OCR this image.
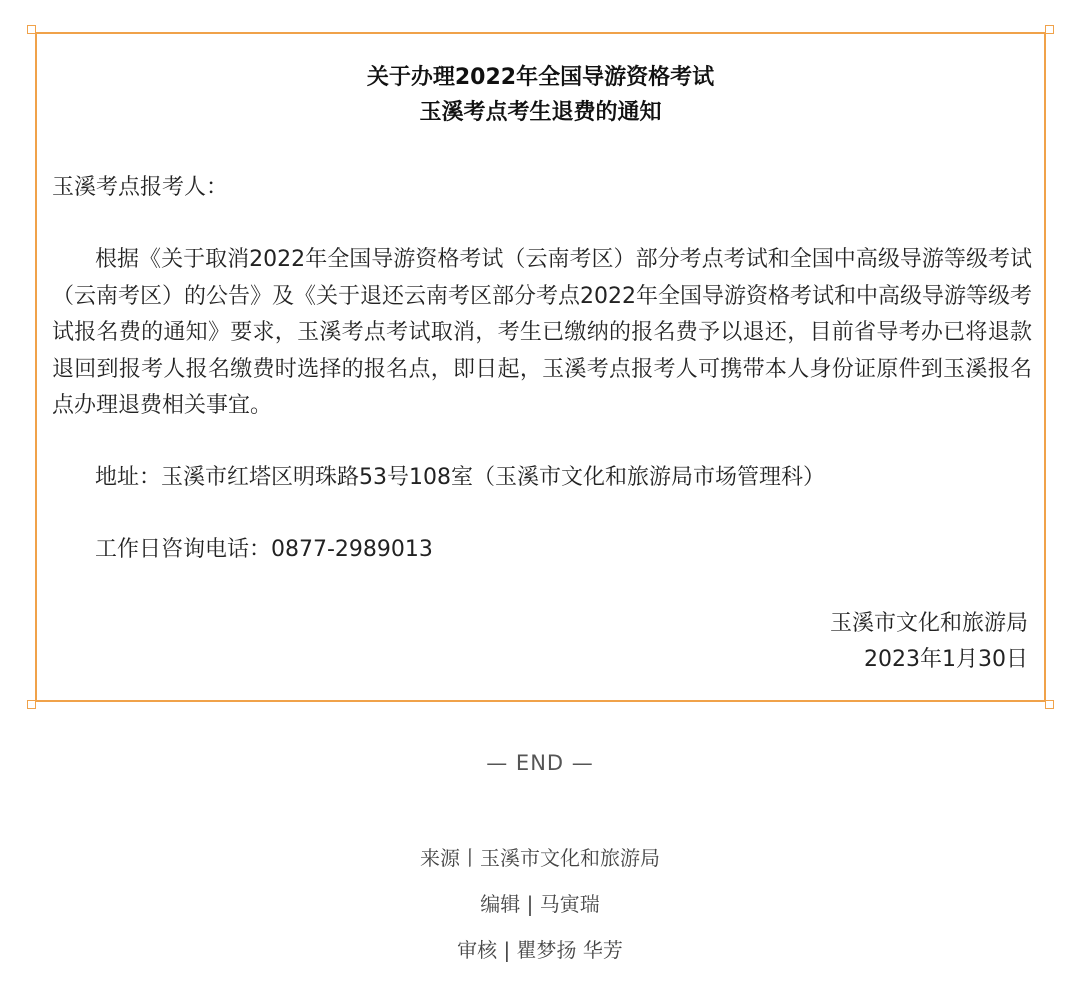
关于办理2022年全国导游资格考试
玉溪考点考生退费的通知
玉溪考点报考人：
根据《关于取消2022年全国导游资格考试（云南考区）部分考点考试和全国中高级导游等级考试（云南考区）的公告》及《关于退还云南考区部分考点2022年全国导游资格考试和中高级导游等级考试报名费的通知》要求，玉溪考点考试取消，考生已缴纳的报名费予以退还，目前省导考办已将退款退回到报考人报名缴费时选择的报名点，即日起，玉溪考点报考人可携带本人身份证原件到玉溪报名点办理退费相关事宜。
地址：玉溪市红塔区明珠路53号108室（玉溪市文化和旅游局市场管理科）
工作日咨询电话：0877-2989013
玉溪市文化和旅游局
2023年1月30日
— END —
来源丨玉溪市文化和旅游局
编辑 | 马寅瑞
审核 | 瞿梦扬 华芳
